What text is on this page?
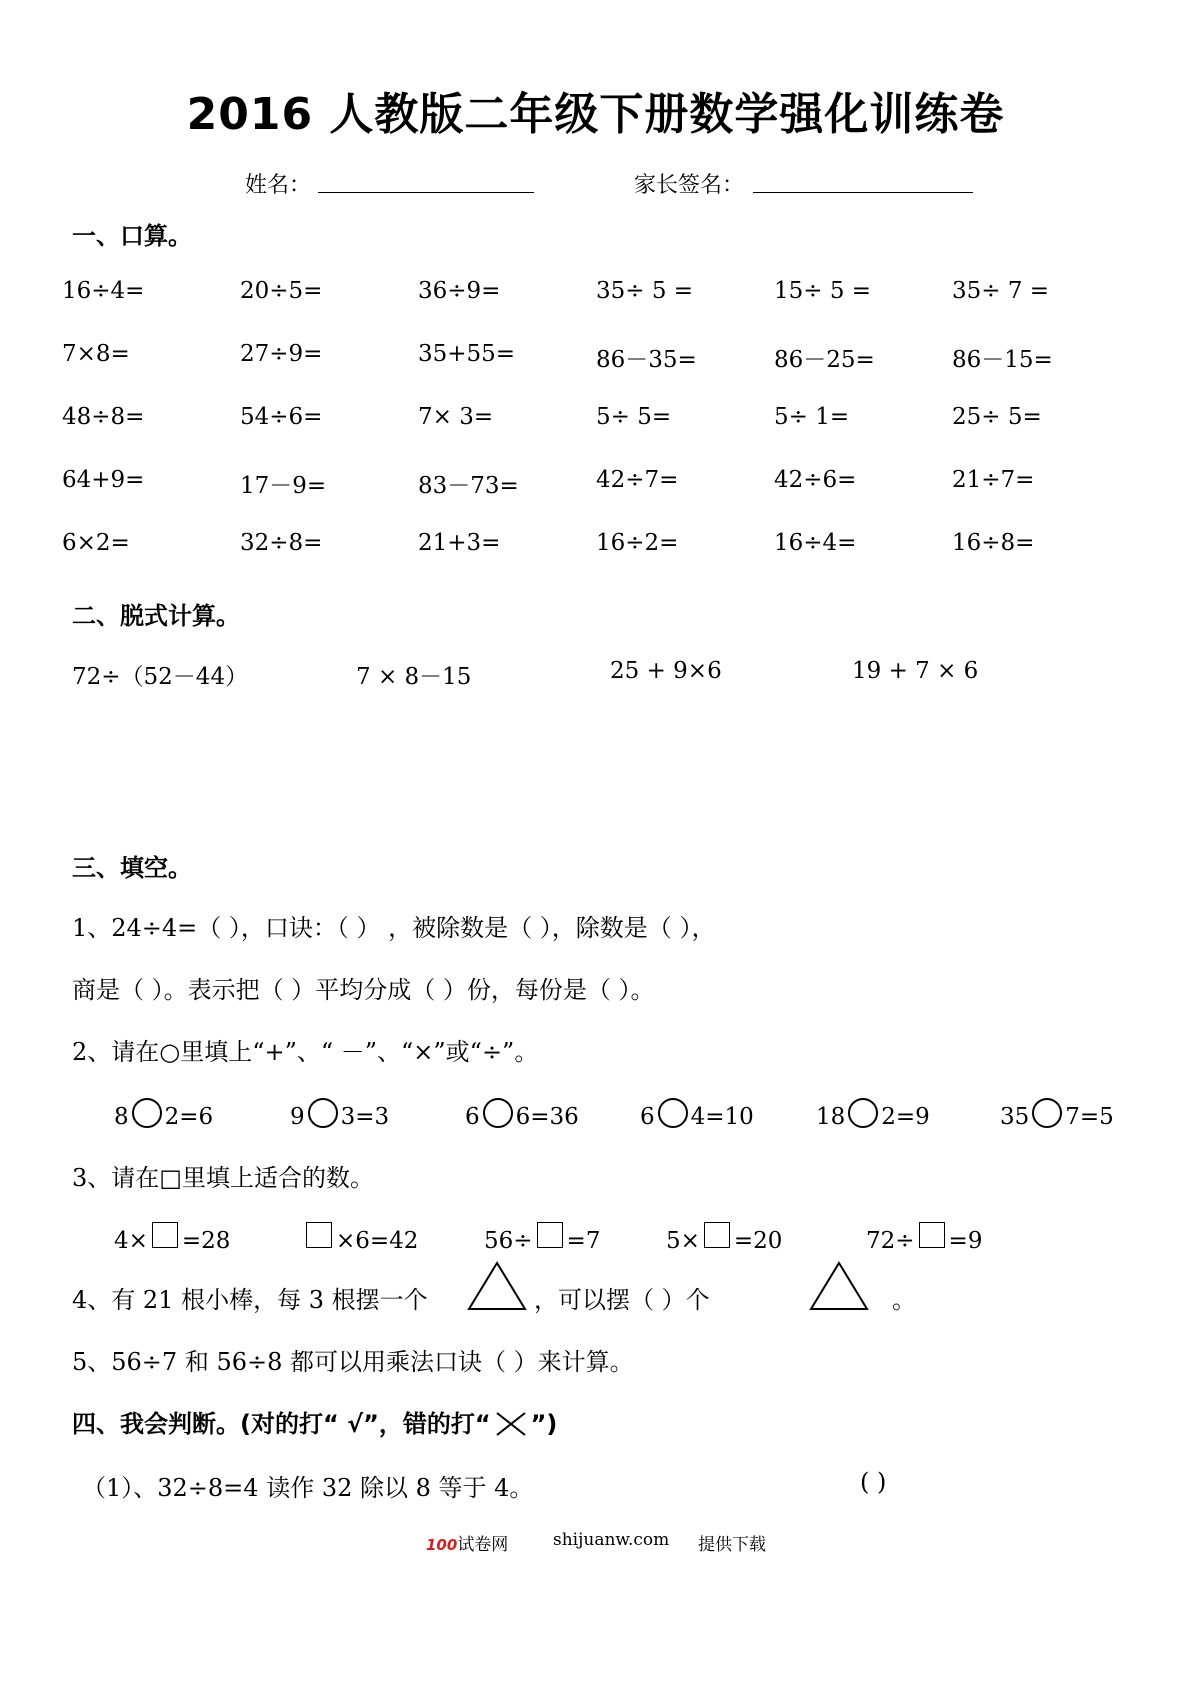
2016 人教版二年级下册数学强化训练卷
姓名：	家长签名：
一、口算。
16÷4=	20÷5=	36÷9=	35÷ 5 =	15÷ 5 =	35÷ 7 =
7×8=	27÷9=	35+55=	86－35=	86－25=	86－15=
48÷8=	54÷6=	7× 3=	5÷ 5=	5÷ 1=	25÷ 5=
64+9=	17－9=	83－73=	42÷7=	42÷6=	21÷7=
6×2=	32÷8=	21+3=	16÷2=	16÷4=	16÷8=
二、脱式计算。
72÷（52－44）	7 × 8－15	25 + 9×6	19 + 7 × 6
三、填空。
1、24÷4=（ ），口诀：（ ） ，被除数是（ ），除数是（ ），
商是（ ）。表示把（ ）平均分成（ ）份，每份是（ ）。
2、请在○里填上“+”、“ －”、“×”或“÷”。
8 2=6	9 3=3	6 6=36	6 4=10	18 2=9	35 7=5
3、请在□里填上适合的数。
4× =28	×6=42	56÷ =7	5× =20	72÷ =9
4、有 21 根小棒，每 3 根摆一个	，可以摆（ ）个	。
5、56÷7 和 56÷8 都可以用乘法口诀（ ）来计算。
四、我会判断。(对的打“ √”，错的打“ ”)
（1）、32÷8=4 读作 32 除以 8 等于 4。	( )
100试卷网	shijuanw.com 提供下载
